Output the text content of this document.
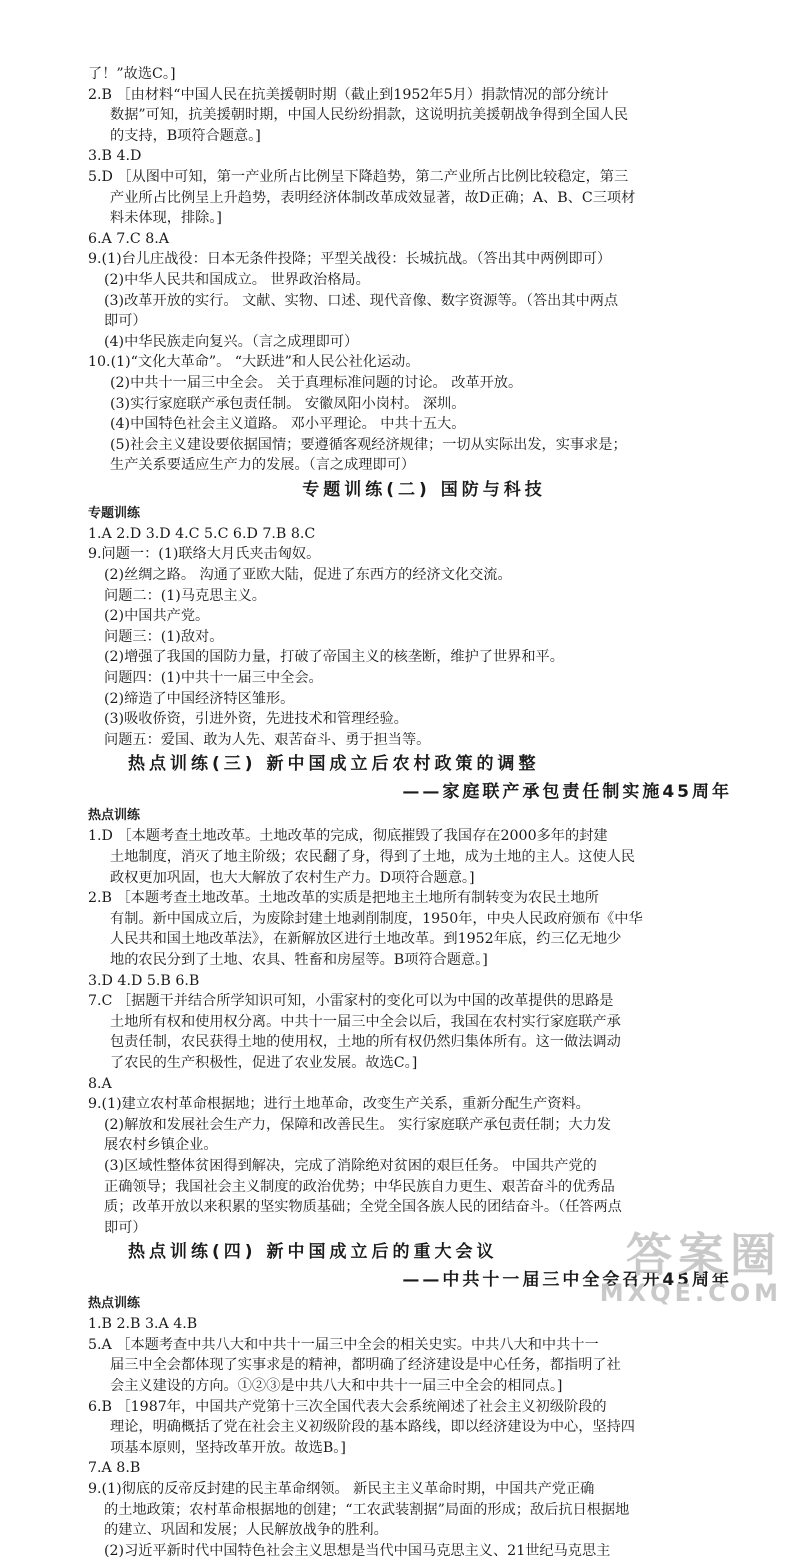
了！”故选C。]
2.B ［由材料“中国人民在抗美援朝时期（截止到1952年5月）捐款情况的部分统计
数据”可知，抗美援朝时期，中国人民纷纷捐款，这说明抗美援朝战争得到全国人民
的支持，B项符合题意。]
3.B 4.D
5.D ［从图中可知，第一产业所占比例呈下降趋势，第二产业所占比例比较稳定，第三
产业所占比例呈上升趋势，表明经济体制改革成效显著，故D正确；A、B、C三项材
料未体现，排除。]
6.A 7.C 8.A
9.(1)台儿庄战役：日本无条件投降；平型关战役：长城抗战。（答出其中两例即可）
(2)中华人民共和国成立。 世界政治格局。
(3)改革开放的实行。 文献、实物、口述、现代音像、数字资源等。（答出其中两点
即可）
(4)中华民族走向复兴。（言之成理即可）
10.(1)“文化大革命”。 “大跃进”和人民公社化运动。
(2)中共十一届三中全会。 关于真理标准问题的讨论。 改革开放。
(3)实行家庭联产承包责任制。 安徽凤阳小岗村。 深圳。
(4)中国特色社会主义道路。 邓小平理论。 中共十五大。
(5)社会主义建设要依据国情；要遵循客观经济规律；一切从实际出发，实事求是；
生产关系要适应生产力的发展。（言之成理即可）
专题训练(二) 国防与科技
专题训练
1.A 2.D 3.D 4.C 5.C 6.D 7.B 8.C
9.问题一：(1)联络大月氏夹击匈奴。
(2)丝绸之路。 沟通了亚欧大陆，促进了东西方的经济文化交流。
问题二：(1)马克思主义。
(2)中国共产党。
问题三：(1)敌对。
(2)增强了我国的国防力量，打破了帝国主义的核垄断，维护了世界和平。
问题四：(1)中共十一届三中全会。
(2)缔造了中国经济特区雏形。
(3)吸收侨资，引进外资，先进技术和管理经验。
问题五：爱国、敢为人先、艰苦奋斗、勇于担当等。
热点训练(三) 新中国成立后农村政策的调整
——家庭联产承包责任制实施45周年
热点训练
1.D ［本题考查土地改革。土地改革的完成，彻底摧毁了我国存在2000多年的封建
土地制度，消灭了地主阶级；农民翻了身，得到了土地，成为土地的主人。这使人民
政权更加巩固，也大大解放了农村生产力。D项符合题意。]
2.B ［本题考查土地改革。土地改革的实质是把地主土地所有制转变为农民土地所
有制。新中国成立后，为废除封建土地剥削制度，1950年，中央人民政府颁布《中华
人民共和国土地改革法》，在新解放区进行土地改革。到1952年底，约三亿无地少
地的农民分到了土地、农具、牲畜和房屋等。B项符合题意。]
3.D 4.D 5.B 6.B
7.C ［据题干并结合所学知识可知，小雷家村的变化可以为中国的改革提供的思路是
土地所有权和使用权分离。中共十一届三中全会以后，我国在农村实行家庭联产承
包责任制，农民获得土地的使用权，土地的所有权仍然归集体所有。这一做法调动
了农民的生产积极性，促进了农业发展。故选C。]
8.A
9.(1)建立农村革命根据地；进行土地革命，改变生产关系，重新分配生产资料。
(2)解放和发展社会生产力，保障和改善民生。 实行家庭联产承包责任制；大力发
展农村乡镇企业。
(3)区域性整体贫困得到解决，完成了消除绝对贫困的艰巨任务。 中国共产党的
正确领导；我国社会主义制度的政治优势；中华民族自力更生、艰苦奋斗的优秀品
质；改革开放以来积累的坚实物质基础；全党全国各族人民的团结奋斗。（任答两点
即可）
热点训练(四) 新中国成立后的重大会议
——中共十一届三中全会召开45周年
热点训练
1.B 2.B 3.A 4.B
5.A ［本题考查中共八大和中共十一届三中全会的相关史实。中共八大和中共十一
届三中全会都体现了实事求是的精神，都明确了经济建设是中心任务，都指明了社
会主义建设的方向。①②③是中共八大和中共十一届三中全会的相同点。]
6.B ［1987年，中国共产党第十三次全国代表大会系统阐述了社会主义初级阶段的
理论，明确概括了党在社会主义初级阶段的基本路线，即以经济建设为中心，坚持四
项基本原则，坚持改革开放。故选B。]
7.A 8.B
9.(1)彻底的反帝反封建的民主革命纲领。 新民主主义革命时期，中国共产党正确
的土地政策；农村革命根据地的创建；“工农武装割据”局面的形成；敌后抗日根据地
的建立、巩固和发展；人民解放战争的胜利。
(2)习近平新时代中国特色社会主义思想是当代中国马克思主义、21世纪马克思主
答案圈
MXQE.COM
